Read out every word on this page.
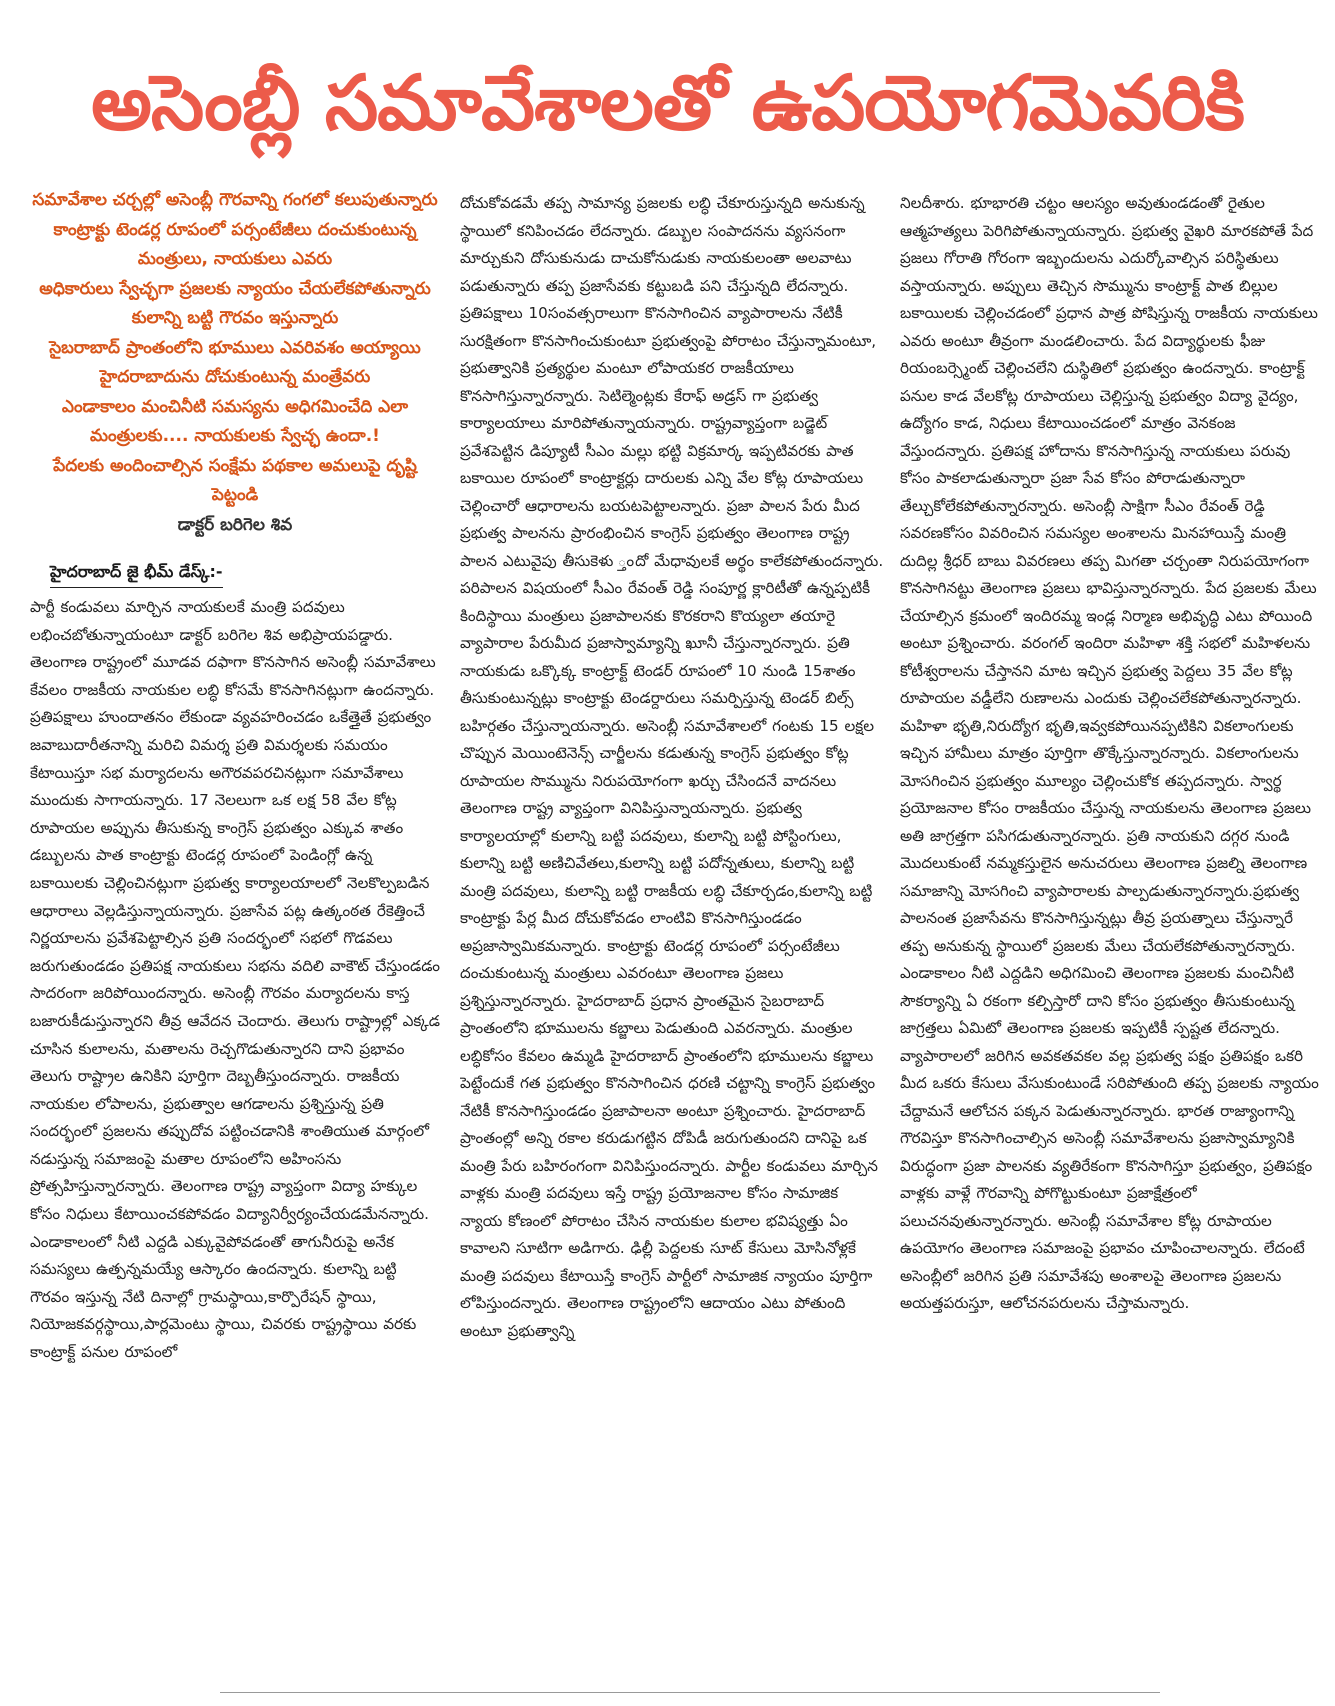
అసెంబ్లీ సమావేశాలతో ఉపయోగమెవరికి
సమావేశాల చర్చల్లో అసెంబ్లీ గౌరవాన్ని గంగలో కలుపుతున్నారు
కాంట్రాక్టు టెండర్ల రూపంలో పర్సంటేజీలు దంచుకుంటున్న మంత్రులు, నాయకులు ఎవరు
అధికారులు స్వేచ్ఛగా ప్రజలకు న్యాయం చేయలేకపోతున్నారు
కులాన్ని బట్టి గౌరవం ఇస్తున్నారు
సైబరాబాద్ ప్రాంతంలోని భూములు ఎవరివశం అయ్యాయి
హైదరాబాదును దోచుకుంటున్న మంత్రేవరు
ఎండాకాలం మంచినీటి సమస్యను అధిగమించేది ఎలా
మంత్రులకు.... నాయకులకు స్వేచ్ఛ ఉందా.!
పేదలకు అందించాల్సిన సంక్షేమ పథకాల అమలుపై దృష్టి పెట్టండి
డాక్టర్ బరిగెల శివ
హైదరాబాద్ జై భీమ్ డేస్క్:-

పార్టీ కండువలు మార్చిన నాయకులకే మంత్రి పదవులు లభించబోతున్నాయంటూ డాక్టర్ బరిగెల శివ అభిప్రాయపడ్డారు. తెలంగాణ రాష్ట్రంలో మూడవ దఫాగా కొనసాగిన అసెంబ్లీ సమావేశాలు కేవలం రాజకీయ నాయకుల లబ్ధి కోసమే కొనసాగినట్లుగా ఉందన్నారు. ప్రతిపక్షాలు హుందాతనం లేకుండా వ్యవహరించడం ఒకేత్తైతే ప్రభుత్వం జవాబుదారీతనాన్ని మరిచి విమర్శ ప్రతి విమర్శలకు సమయం కేటాయిస్తూ సభ మర్యాదలను అగౌరవపరచినట్లుగా సమావేశాలు ముందుకు సాగాయన్నారు. 17 నెలలుగా ఒక లక్ష 58 వేల కోట్ల రూపాయల అప్పును తీసుకున్న కాంగ్రెస్ ప్రభుత్వం ఎక్కువ శాతం డబ్బులను పాత కాంట్రాక్టు టెండర్ల రూపంలో పెండింగ్లో ఉన్న బకాయిలకు చెల్లించినట్లుగా ప్రభుత్వ కార్యాలయాలలో నెలకొల్పబడిన ఆధారాలు వెల్లడిస్తున్నాయన్నారు. ప్రజాసేవ పట్ల ఉత్కంఠత రేకెత్తించే నిర్ణయాలను ప్రవేశపెట్టాల్సిన ప్రతి సందర్భంలో సభలో గొడవలు జరుగుతుండడం ప్రతిపక్ష నాయకులు సభను వదిలి వాకౌట్ చేస్తుండడం సాదరంగా జరిపోయిందన్నారు. అసెంబ్లీ గౌరవం మర్యాదలను కాస్త బజారుకీడుస్తున్నారని తీవ్ర ఆవేదన చెందారు. తెలుగు రాష్ట్రాల్లో ఎక్కడ చూసిన కులాలను, మతాలను రెచ్చగొడుతున్నారని దాని ప్రభావం తెలుగు రాష్ట్రాల ఉనికిని పూర్తిగా దెబ్బతీస్తుందన్నారు. రాజకీయ నాయకుల లోపాలను, ప్రభుత్వాల ఆగడాలను ప్రశ్నిస్తున్న ప్రతి సందర్భంలో ప్రజలను తప్పుదోవ పట్టించడానికి శాంతియుత మార్గంలో నడుస్తున్న సమాజంపై మతాల రూపంలోని అహింసను ప్రోత్సహిస్తున్నారన్నారు. తెలంగాణ రాష్ట్ర వ్యాప్తంగా విద్యా హక్కుల కోసం నిధులు కేటాయించకపోవడం విద్యానిర్వీర్యంచేయడమేనన్నారు. ఎండాకాలంలో నీటి ఎద్దడి ఎక్కువైపోవడంతో తాగునీరుపై అనేక సమస్యలు ఉత్పన్నమయ్యే ఆస్కారం ఉందన్నారు. కులాన్ని బట్టి గౌరవం ఇస్తున్న నేటి దినాల్లో గ్రామస్థాయి,కార్పొరేషన్ స్థాయి, నియోజకవర్గస్థాయి,పార్లమెంటు స్థాయి, చివరకు రాష్ట్రస్థాయి వరకు కాంట్రాక్ట్ పనుల రూపంలో

దోచుకోవడమే తప్ప సామాన్య ప్రజలకు లబ్ధి చేకూరుస్తున్నది అనుకున్న స్థాయిలో కనిపించడం లేదన్నారు. డబ్బుల సంపాదనను వ్యసనంగా మార్చుకుని దోసుకునుడు దాచుకోనుడుకు నాయకులంతా అలవాటు పడుతున్నారు తప్ప ప్రజాసేవకు కట్టుబడి పని చేస్తున్నది లేదన్నారు. ప్రతిపక్షాలు 10సంవత్సరాలుగా కొనసాగించిన వ్యాపారాలను నేటికీ సురక్షితంగా కొనసాగించుకుంటూ ప్రభుత్వంపై పోరాటం చేస్తున్నామంటూ, ప్రభుత్వానికి ప్రత్యర్థుల మంటూ లోపాయకర రాజకీయాలు కొనసాగిస్తున్నారన్నారు. సెటిల్మెంట్లకు కేరాఫ్ అడ్రస్ గా ప్రభుత్వ కార్యాలయాలు మారిపోతున్నాయన్నారు. రాష్ట్రవ్యాప్తంగా బడ్జెట్ ప్రవేశపెట్టిన డిప్యూటీ సీఎం మల్లు భట్టి విక్రమార్క ఇప్పటివరకు పాత బకాయిల రూపంలో కాంట్రాక్టర్లు దారులకు ఎన్ని వేల కోట్ల రూపాయలు చెల్లించారో ఆధారాలను బయటపెట్టాలన్నారు. ప్రజా పాలన పేరు మీద ప్రభుత్వ పాలనను ప్రారంభించిన కాంగ్రెస్ ప్రభుత్వం తెలంగాణ రాష్ట్ర పాలన ఎటువైపు తీసుకెళు ్తందో మేధావులకే అర్థం కాలేకపోతుందన్నారు. పరిపాలన విషయంలో సీఎం రేవంత్ రెడ్డి సంపూర్ణ క్లారిటీతో ఉన్నప్పటికీ కిందిస్థాయి మంత్రులు ప్రజాపాలనకు కొరకరాని కొయ్యలా తయారై వ్యాపారాల పేరుమీద ప్రజాస్వామ్యాన్ని ఖూనీ చేస్తున్నారన్నారు. ప్రతి నాయకుడు ఒక్కొక్క కాంట్రాక్ట్ టెండర్ రూపంలో 10 నుండి 15శాతం తీసుకుంటున్నట్లు కాంట్రాక్టు టెండర్దారులు సమర్పిస్తున్న టెండర్ బిల్స్ బహిర్గతం చేస్తున్నాయన్నారు. అసెంబ్లీ సమావేశాలలో గంటకు 15 లక్షల చొప్పున మెయింటెనెన్స్ చార్జీలను కడుతున్న కాంగ్రెస్ ప్రభుత్వం కోట్ల రూపాయల సొమ్మును నిరుపయోగంగా ఖర్చు చేసిందనే వాదనలు తెలంగాణ రాష్ట్ర వ్యాప్తంగా వినిపిస్తున్నాయన్నారు. ప్రభుత్వ కార్యాలయాల్లో కులాన్ని బట్టి పదవులు, కులాన్ని బట్టి పోస్టింగులు, కులాన్ని బట్టి అణిచివేతలు,కులాన్ని బట్టి పదోన్నతులు, కులాన్ని బట్టి మంత్రి పదవులు, కులాన్ని బట్టి రాజకీయ లబ్ధి చేకూర్చడం,కులాన్ని బట్టి కాంట్రాక్టు పేర్ల మీద దోచుకోవడం లాంటివి కొనసాగిస్తుండడం అప్రజాస్వామికమన్నారు. కాంట్రాక్టు టెండర్ల రూపంలో పర్సంటేజీలు దంచుకుంటున్న మంత్రులు ఎవరంటూ తెలంగాణ ప్రజలు ప్రశ్నిస్తున్నారన్నారు. హైదరాబాద్ ప్రధాన ప్రాంతమైన సైబరాబాద్ ప్రాంతంలోని భూములను కబ్జాలు పెడుతుంది ఎవరన్నారు. మంత్రుల లబ్ధికోసం కేవలం ఉమ్మడి హైదరాబాద్ ప్రాంతంలోని భూములను కబ్జాలు పెట్టేందుకే గత ప్రభుత్వం కొనసాగించిన ధరణి చట్టాన్ని కాంగ్రెస్ ప్రభుత్వం నేటికీ కొనసాగిస్తుండడం ప్రజాపాలనా అంటూ ప్రశ్నించారు. హైదరాబాద్ ప్రాంతంల్లో అన్ని రకాల కరుడుగట్టిన దోపిడీ జరుగుతుందని దానిపై ఒక మంత్రి పేరు బహిరంగంగా వినిపిస్తుందన్నారు. పార్టీల కండువలు మార్చిన వాళ్లకు మంత్రి పదవులు ఇస్తే రాష్ట్ర ప్రయోజనాల కోసం సామాజిక న్యాయ కోణంలో పోరాటం చేసిన నాయకుల కులాల భవిష్యత్తు ఏం కావాలని సూటిగా అడిగారు. ఢిల్లీ పెద్దలకు సూట్ కేసులు మోసినోళ్లకే మంత్రి పదవులు కేటాయిస్తే కాంగ్రెస్ పార్టీలో సామాజిక న్యాయం పూర్తిగా లోపిస్తుందన్నారు. తెలంగాణ రాష్ట్రంలోని ఆదాయం ఎటు పోతుంది అంటూ ప్రభుత్వాన్ని

నిలదీశారు. భూభారతి చట్టం ఆలస్యం అవుతుండడంతో రైతుల ఆత్మహత్యలు పెరిగిపోతున్నాయన్నారు. ప్రభుత్వ వైఖరి మారకపోతే పేద ప్రజలు గోరాతి గోరంగా ఇబ్బందులను ఎదుర్కోవాల్సిన పరిస్థితులు వస్తాయన్నారు. అప్పులు తెచ్చిన సొమ్మును కాంట్రాక్ట్ పాత బిల్లుల బకాయిలకు చెల్లించడంలో ప్రధాన పాత్ర పోషిస్తున్న రాజకీయ నాయకులు ఎవరు అంటూ తీవ్రంగా మండలించారు. పేద విద్యార్థులకు ఫీజు రియంబర్స్మెంట్ చెల్లించలేని దుస్థితిలో ప్రభుత్వం ఉందన్నారు. కాంట్రాక్ట్ పనుల కాడ వేలకోట్ల రూపాయలు చెల్లిస్తున్న ప్రభుత్వం విద్యా వైద్యం, ఉద్యోగం కాడ, నిధులు కేటాయించడంలో మాత్రం వెనకంజ వేస్తుందన్నారు. ప్రతిపక్ష హోదాను కొనసాగిస్తున్న నాయకులు పరువు కోసం పాకలాడుతున్నారా ప్రజా సేవ కోసం పోరాడుతున్నారా తేల్చుకోలేకపోతున్నారన్నారు. అసెంబ్లీ సాక్షిగా సీఎం రేవంత్ రెడ్డి సవరణకోసం వివరించిన సమస్యల అంశాలను మినహాయిస్తే మంత్రి దుదిల్ల శ్రీధర్ బాబు వివరణలు తప్ప మిగతా చర్చంతా నిరుపయోగంగా కొనసాగినట్టు తెలంగాణ ప్రజలు భావిస్తున్నారన్నారు. పేద ప్రజలకు మేలు చేయాల్సిన క్రమంలో ఇందిరమ్మ ఇండ్ల నిర్మాణ అభివృద్ధి ఎటు పోయింది అంటూ ప్రశ్నించారు. వరంగల్ ఇందిరా మహిళా శక్తి సభలో మహిళలను కోటీశ్వరాలను చేస్తానని మాట ఇచ్చిన ప్రభుత్వ పెద్దలు 35 వేల కోట్ల రూపాయల వడ్డీలేని రుణాలను ఎందుకు చెల్లించలేకపోతున్నారన్నారు. మహిళా భృతి,నిరుద్యోగ భృతి,ఇవ్వకపోయినప్పటికిని వికలాంగులకు ఇచ్చిన హామీలు మాత్రం పూర్తిగా తొక్కేస్తున్నారన్నారు. వికలాంగులను మోసగించిన ప్రభుత్వం మూల్యం చెల్లించుకోక తప్పదన్నారు. స్వార్థ ప్రయోజనాల కోసం రాజకీయం చేస్తున్న నాయకులను తెలంగాణ ప్రజలు అతి జాగ్రత్తగా పసిగడుతున్నారన్నారు. ప్రతి నాయకుని దగ్గర నుండి మొదలుకుంటే నమ్మకస్తులైన అనుచరులు తెలంగాణ ప్రజల్ని తెలంగాణ సమాజాన్ని మోసగించి వ్యాపారాలకు పాల్పడుతున్నారన్నారు.ప్రభుత్వ పాలనంత ప్రజాసేవను కొనసాగిస్తున్నట్లు తీవ్ర ప్రయత్నాలు చేస్తున్నారే తప్ప అనుకున్న స్థాయిలో ప్రజలకు మేలు చేయలేకపోతున్నారన్నారు. ఎండాకాలం నీటి ఎద్దడిని అధిగమించి తెలంగాణ ప్రజలకు మంచినీటి సౌకర్యాన్ని ఏ రకంగా కల్పిస్తారో దాని కోసం ప్రభుత్వం తీసుకుంటున్న జాగ్రత్తలు ఏమిటో తెలంగాణ ప్రజలకు ఇప్పటికీ స్పష్టత లేదన్నారు. వ్యాపారాలలో జరిగిన అవకతవకల వల్ల ప్రభుత్వ పక్షం ప్రతిపక్షం ఒకరి మీద ఒకరు కేసులు వేసుకుంటుండే సరిపోతుంది తప్ప ప్రజలకు న్యాయం చేద్దామనే ఆలోచన పక్కన పెడుతున్నారన్నారు. భారత రాజ్యాంగాన్ని గౌరవిస్తూ కొనసాగించాల్సిన అసెంబ్లీ సమావేశాలను ప్రజాస్వామ్యానికి విరుద్ధంగా ప్రజా పాలనకు వ్యతిరేకంగా కొనసాగిస్తూ ప్రభుత్వం, ప్రతిపక్షం వాళ్లకు వాళ్లే గౌరవాన్ని పోగొట్టుకుంటూ ప్రజాక్షేత్రంలో పలుచనవుతున్నారన్నారు. అసెంబ్లీ సమావేశాల కోట్ల రూపాయల ఉపయోగం తెలంగాణ సమాజంపై ప్రభావం చూపించాలన్నారు. లేదంటే అసెంబ్లీలో జరిగిన ప్రతి సమావేశపు అంశాలపై తెలంగాణ ప్రజలను అయత్తపరుస్తూ, ఆలోచనపరులను చేస్తామన్నారు.
